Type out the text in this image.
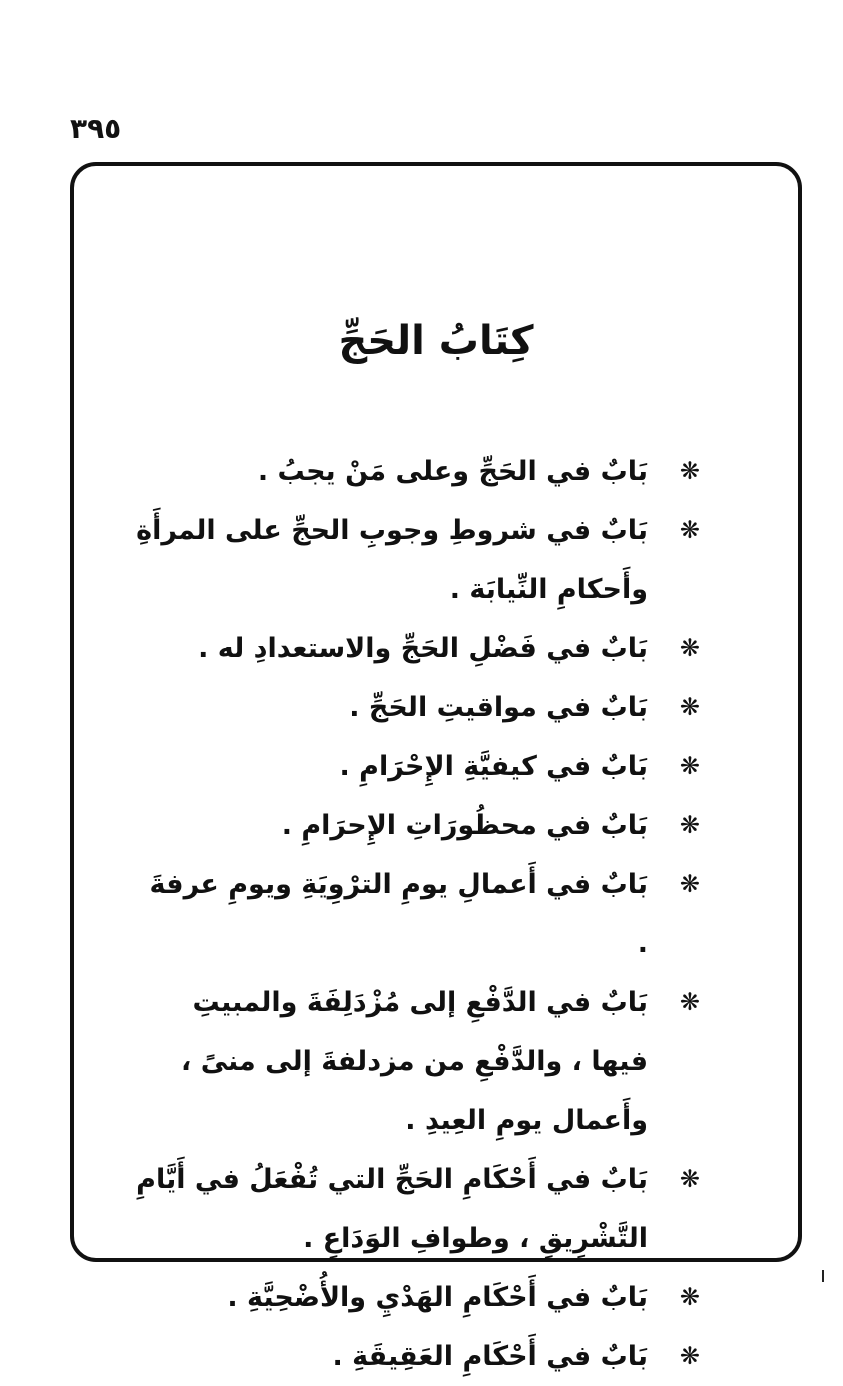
٣٩٥
كِتَابُ الحَجِّ
❋
بَابٌ في الحَجِّ وعلى مَنْ يجبُ .
❋
بَابٌ في شروطِ وجوبِ الحجِّ على المرأَةِ وأَحكامِ النِّيابَة .
❋
بَابٌ في فَضْلِ الحَجِّ والاستعدادِ له .
❋
بَابٌ في مواقيتِ الحَجِّ .
❋
بَابٌ في كيفيَّةِ الإِحْرَامِ .
❋
بَابٌ في محظُورَاتِ الإِحرَامِ .
❋
بَابٌ في أَعمالِ يومِ الترْوِيَةِ ويومِ عرفةَ .
❋
بَابٌ في الدَّفْعِ إلى مُزْدَلِفَةَ والمبيتِ فيها ، والدَّفْعِ من مزدلفةَ إلى منىً ، وأَعمال يومِ العِيدِ .
❋
بَابٌ في أَحْكَامِ الحَجِّ التي تُفْعَلُ في أَيَّامِ التَّشْرِيقِ ، وطوافِ الوَدَاعِ .
❋
بَابٌ في أَحْكَامِ الهَدْيِ والأُضْحِيَّةِ .
❋
بَابٌ في أَحْكَامِ العَقِيقَةِ .
